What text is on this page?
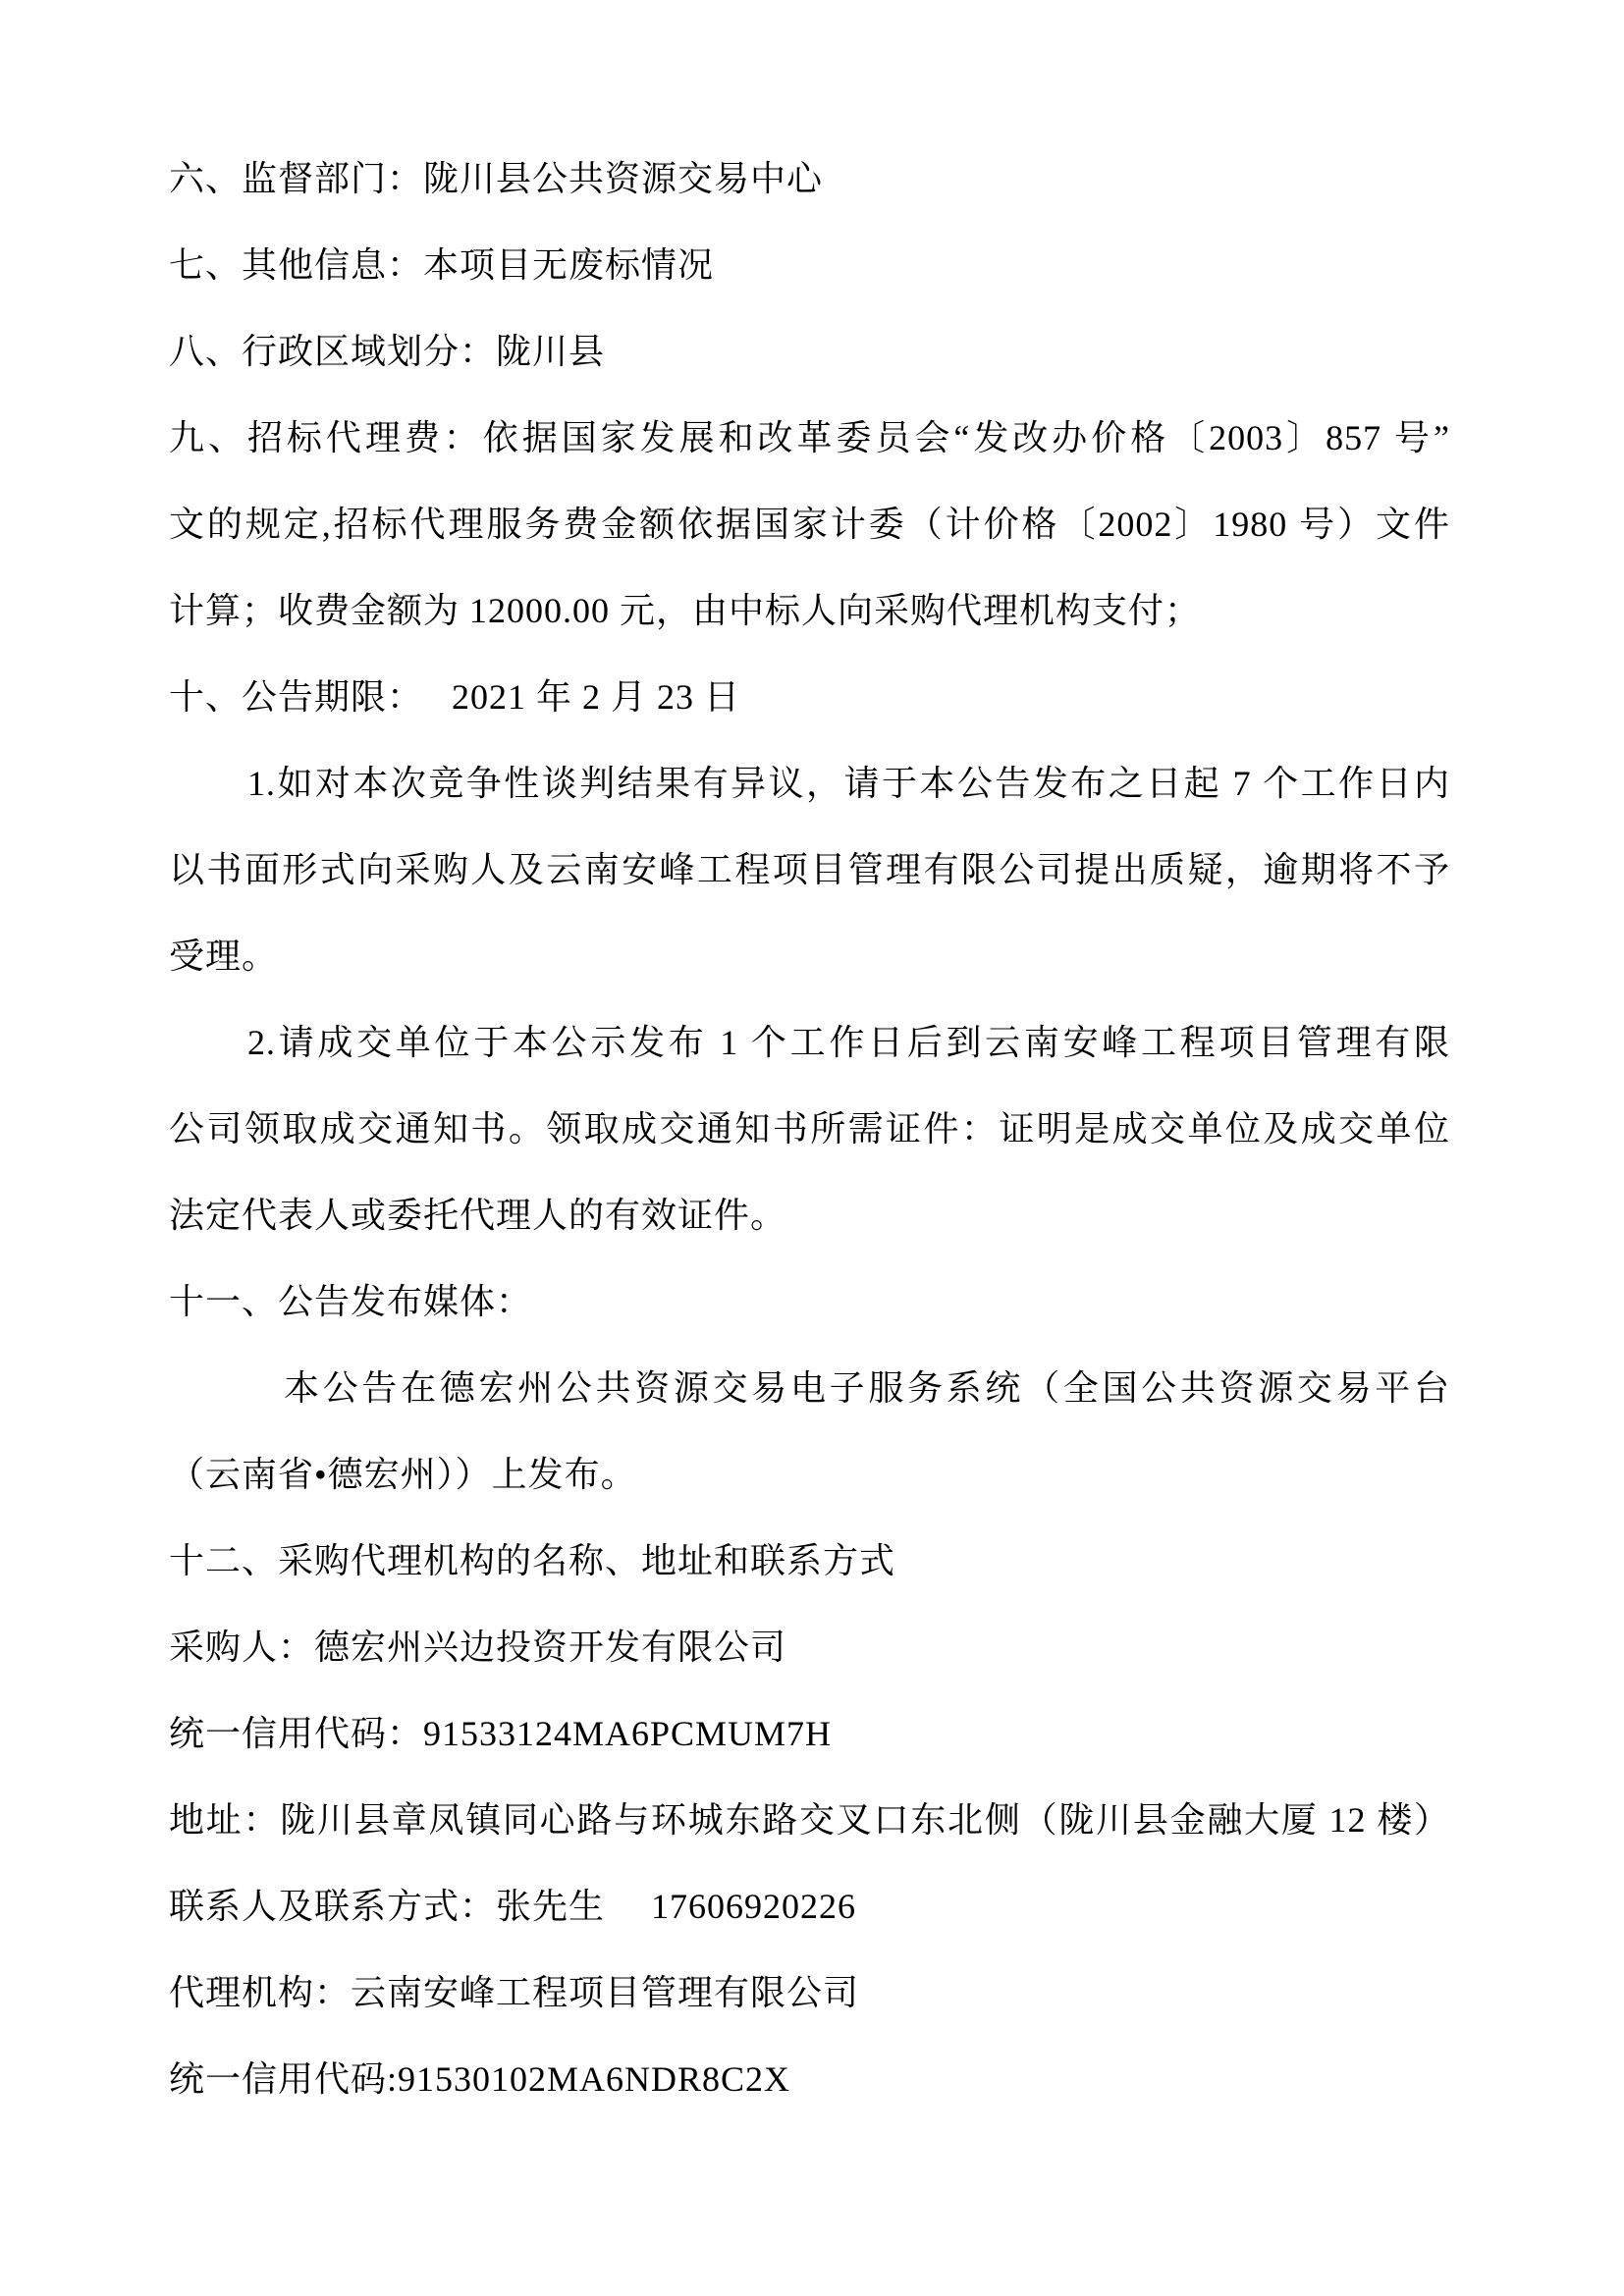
六、监督部门：陇川县公共资源交易中心
七、其他信息：本项目无废标情况
八、行政区域划分：陇川县
九、招标代理费：依据国家发展和改革委员会“发改办价格〔2003〕857 号”
文的规定,招标代理服务费金额依据国家计委（计价格〔2002〕1980 号）文件
计算；收费金额为 12000.00 元，由中标人向采购代理机构支付；
十、公告期限：　 2021 年 2 月 23 日
1.如对本次竞争性谈判结果有异议，请于本公告发布之日起 7 个工作日内
以书面形式向采购人及云南安峰工程项目管理有限公司提出质疑，逾期将不予
受理。
2.请成交单位于本公示发布 1 个工作日后到云南安峰工程项目管理有限
公司领取成交通知书。领取成交通知书所需证件：证明是成交单位及成交单位
法定代表人或委托代理人的有效证件。
十一、公告发布媒体：
本公告在德宏州公共资源交易电子服务系统（全国公共资源交易平台
（云南省•德宏州））上发布。
十二、采购代理机构的名称、地址和联系方式
采购人：德宏州兴边投资开发有限公司
统一信用代码：91533124MA6PCMUM7H
地址：陇川县章凤镇同心路与环城东路交叉口东北侧（陇川县金融大厦 12 楼）
联系人及联系方式：张先生　 17606920226
代理机构：云南安峰工程项目管理有限公司
统一信用代码:91530102MA6NDR8C2X
